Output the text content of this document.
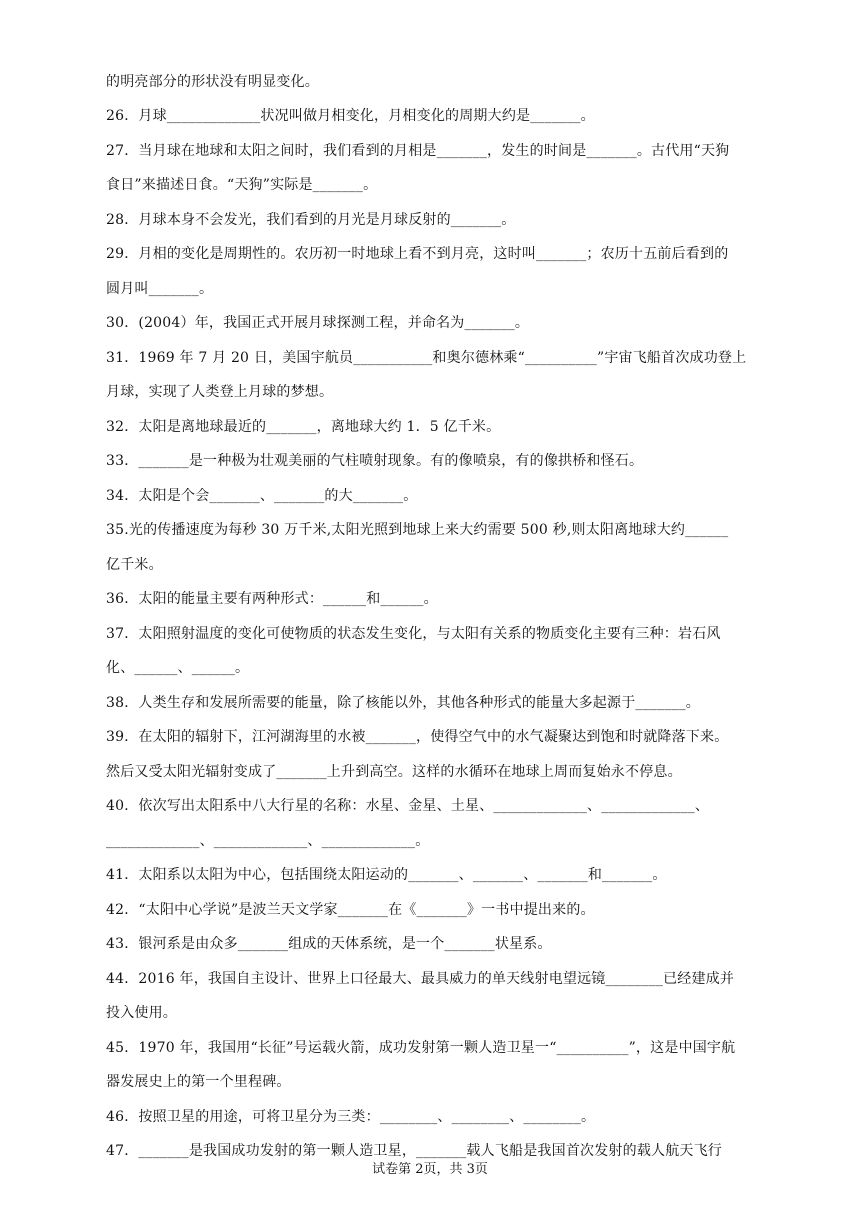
的明亮部分的形状没有明显变化。
26．月球_____________状况叫做月相变化，月相变化的周期大约是_______。
27．当月球在地球和太阳之间时，我们看到的月相是_______，发生的时间是_______。古代用“天狗
食日”来描述日食。“天狗”实际是_______。
28．月球本身不会发光，我们看到的月光是月球反射的_______。
29．月相的变化是周期性的。农历初一时地球上看不到月亮，这时叫_______；农历十五前后看到的
圆月叫_______。
30．(2004）年，我国正式开展月球探测工程，并命名为_______。
31．1969 年 7 月 20 日，美国宇航员___________和奥尔德林乘“__________”宇宙飞船首次成功登上
月球，实现了人类登上月球的梦想。
32．太阳是离地球最近的_______，离地球大约 1．5 亿千米。
33．_______是一种极为壮观美丽的气柱喷射现象。有的像喷泉，有的像拱桥和怪石。
34．太阳是个会_______、_______的大_______。
35.光的传播速度为每秒 30 万千米,太阳光照到地球上来大约需要 500 秒,则太阳离地球大约______
亿千米。
36．太阳的能量主要有两种形式：______和______。
37．太阳照射温度的变化可使物质的状态发生变化，与太阳有关系的物质变化主要有三种：岩石风
化、______、______。
38．人类生存和发展所需要的能量，除了核能以外，其他各种形式的能量大多起源于_______。
39．在太阳的辐射下，江河湖海里的水被_______，使得空气中的水气凝聚达到饱和时就降落下来。
然后又受太阳光辐射变成了_______上升到高空。这样的水循环在地球上周而复始永不停息。
40．依次写出太阳系中八大行星的名称：水星、金星、土星、_____________、_____________、
_____________、_____________、_____________。
41．太阳系以太阳为中心，包括围绕太阳运动的_______、_______、_______和_______。
42．“太阳中心学说”是波兰天文学家_______在《_______》一书中提出来的。
43．银河系是由众多_______组成的天体系统，是一个_______状星系。
44．2016 年，我国自主设计、世界上口径最大、最具威力的单天线射电望远镜________已经建成并
投入使用。
45．1970 年，我国用“长征”号运载火箭，成功发射第一颗人造卫星一“__________”，这是中国宇航
器发展史上的第一个里程碑。
46．按照卫星的用途，可将卫星分为三类：________、________、________。
47．_______是我国成功发射的第一颗人造卫星，_______载人飞船是我国首次发射的载人航天飞行
试卷第 2页，共 3页
